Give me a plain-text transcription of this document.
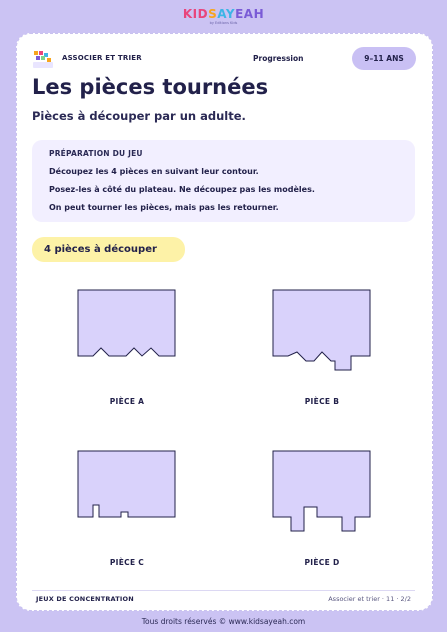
KIDSAYEAH
by Editions Kids
ASSOCIER ET TRIER	Progression	9–11 ANS
Les pièces tournées
Pièces à découper par un adulte.
PRÉPARATION DU JEU
Découpez les 4 pièces en suivant leur contour.
Posez-les à côté du plateau. Ne découpez pas les modèles.
On peut tourner les pièces, mais pas les retourner.
4 pièces à découper
PIÈCE A	PIÈCE B
PIÈCE C	PIÈCE D
JEUX DE CONCENTRATION	Associer et trier · 11 · 2/2
Tous droits réservés © www.kidsayeah.com
